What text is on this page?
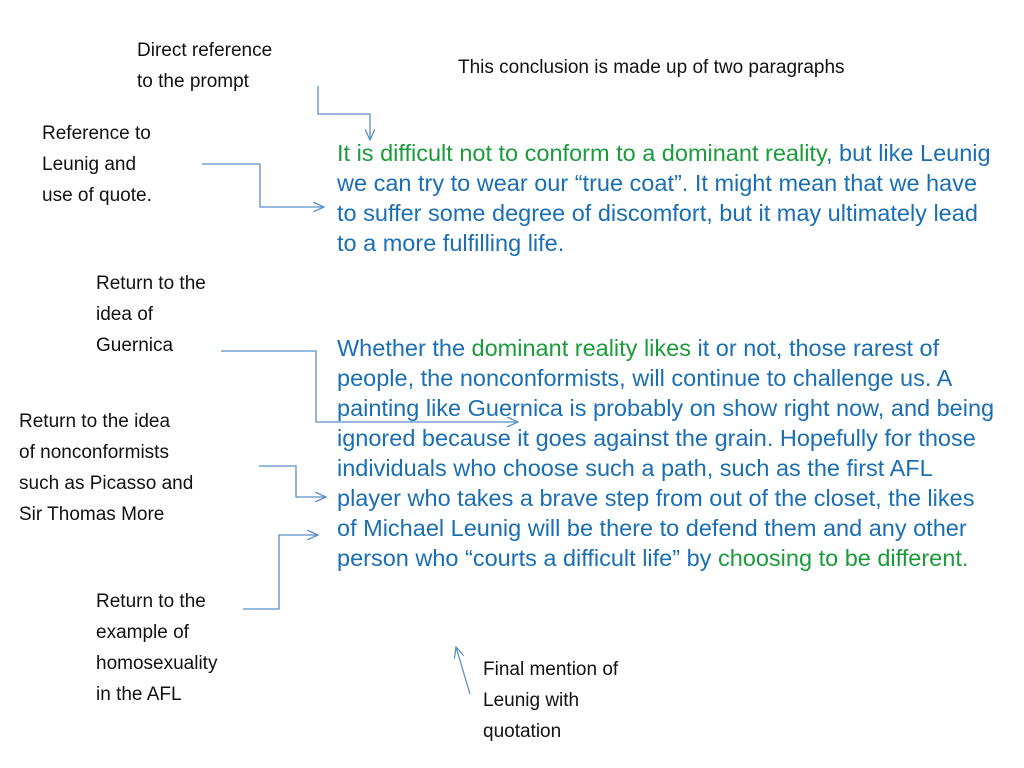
Direct reference
to the prompt
This conclusion is made up of two paragraphs
Reference to
Leunig and
use of quote.
Return to the
idea of
Guernica
Return to the idea
of nonconformists
such as Picasso and
Sir Thomas More
Return to the
example of
homosexuality
in the AFL
Final mention of
Leunig with
quotation

It is difficult not to conform to a dominant reality, but like Leunig we can try to wear our “true coat”. It might mean that we have to suffer some degree of discomfort, but it may ultimately lead to a more fulfilling life.

Whether the dominant reality likes it or not, those rarest of people, the nonconformists, will continue to challenge us. A painting like Guernica is probably on show right now, and being ignored because it goes against the grain. Hopefully for those individuals who choose such a path, such as the first AFL player who takes a brave step from out of the closet, the likes of Michael Leunig will be there to defend them and any other person who “courts a difficult life” by choosing to be different.
